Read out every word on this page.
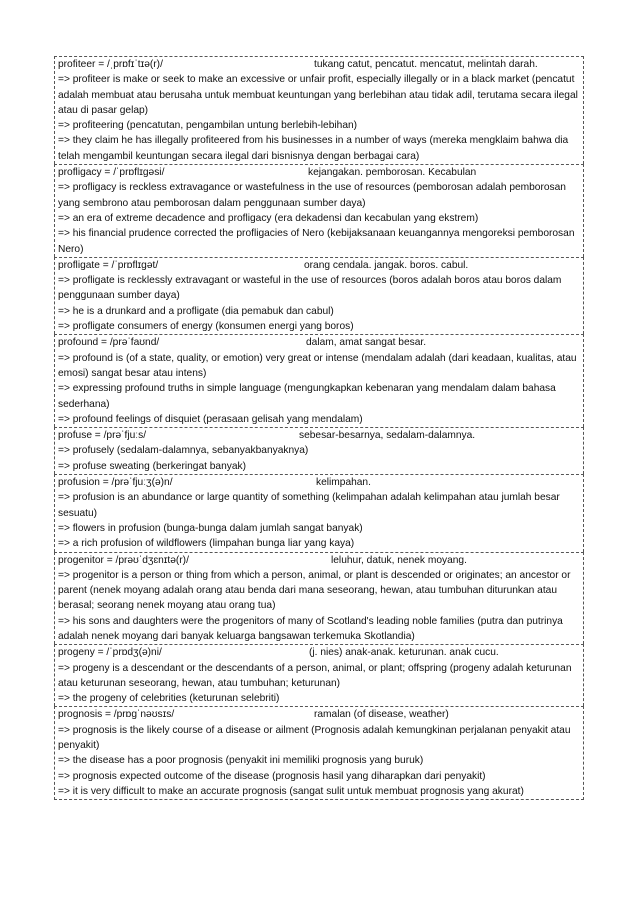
profiteer = /ˌprɒfɪˈtɪə(r)/	tukang catut, pencatut. mencatut, melintah darah.
=> profiteer is make or seek to make an excessive or unfair profit, especially illegally or in a black market (pencatut adalah membuat atau berusaha untuk membuat keuntungan yang berlebihan atau tidak adil, terutama secara ilegal atau di pasar gelap)
=> profiteering (pencatutan, pengambilan untung berlebih-lebihan)
=> they claim he has illegally profiteered from his businesses in a number of ways (mereka mengklaim bahwa dia telah mengambil keuntungan secara ilegal dari bisnisnya dengan berbagai cara)
profligacy = /ˈprɒflɪɡəsi/	kejangakan. pemborosan. Kecabulan
=> profligacy is reckless extravagance or wastefulness in the use of resources (pemborosan adalah pemborosan yang sembrono atau pemborosan dalam penggunaan sumber daya)
=> an era of extreme decadence and profligacy (era dekadensi dan kecabulan yang ekstrem)
=> his financial prudence corrected the profligacies of Nero (kebijaksanaan keuangannya mengoreksi pemborosan Nero)
profligate = /ˈprɒflɪɡət/	orang cendala. jangak. boros. cabul.
=> profligate is recklessly extravagant or wasteful in the use of resources (boros adalah boros atau boros dalam penggunaan sumber daya)
=> he is a drunkard and a profligate (dia pemabuk dan cabul)
=> profligate consumers of energy (konsumen energi yang boros)
profound = /prəˈfaʊnd/	dalam, amat sangat besar.
=> profound is (of a state, quality, or emotion) very great or intense (mendalam adalah (dari keadaan, kualitas, atau emosi) sangat besar atau intens)
=> expressing profound truths in simple language (mengungkapkan kebenaran yang mendalam dalam bahasa sederhana)
=> profound feelings of disquiet (perasaan gelisah yang mendalam)
profuse = /prəˈfjuːs/	sebesar-besarnya, sedalam-dalamnya.
=> profusely (sedalam-dalamnya, sebanyakbanyaknya)
=> profuse sweating (berkeringat banyak)
profusion = /prəˈfjuːʒ(ə)n/	kelimpahan.
=> profusion is an abundance or large quantity of something (kelimpahan adalah kelimpahan atau jumlah besar sesuatu)
=> flowers in profusion (bunga-bunga dalam jumlah sangat banyak)
=> a rich profusion of wildflowers (limpahan bunga liar yang kaya)
progenitor = /prəʊˈdʒɛnɪtə(r)/	leluhur, datuk, nenek moyang.
=> progenitor is a person or thing from which a person, animal, or plant is descended or originates; an ancestor or parent (nenek moyang adalah orang atau benda dari mana seseorang, hewan, atau tumbuhan diturunkan atau berasal; seorang nenek moyang atau orang tua)
=> his sons and daughters were the progenitors of many of Scotland's leading noble families (putra dan putrinya adalah nenek moyang dari banyak keluarga bangsawan terkemuka Skotlandia)
progeny = /ˈprɒdʒ(ə)ni/	(j. nies) anak-anak. keturunan. anak cucu.
=> progeny is a descendant or the descendants of a person, animal, or plant; offspring (progeny adalah keturunan atau keturunan seseorang, hewan, atau tumbuhan; keturunan)
=> the progeny of celebrities (keturunan selebriti)
prognosis = /prɒɡˈnəʊsɪs/	ramalan (of disease, weather)
=> prognosis is the likely course of a disease or ailment (Prognosis adalah kemungkinan perjalanan penyakit atau penyakit)
=> the disease has a poor prognosis (penyakit ini memiliki prognosis yang buruk)
=> prognosis expected outcome of the disease (prognosis hasil yang diharapkan dari penyakit)
=> it is very difficult to make an accurate prognosis (sangat sulit untuk membuat prognosis yang akurat)
